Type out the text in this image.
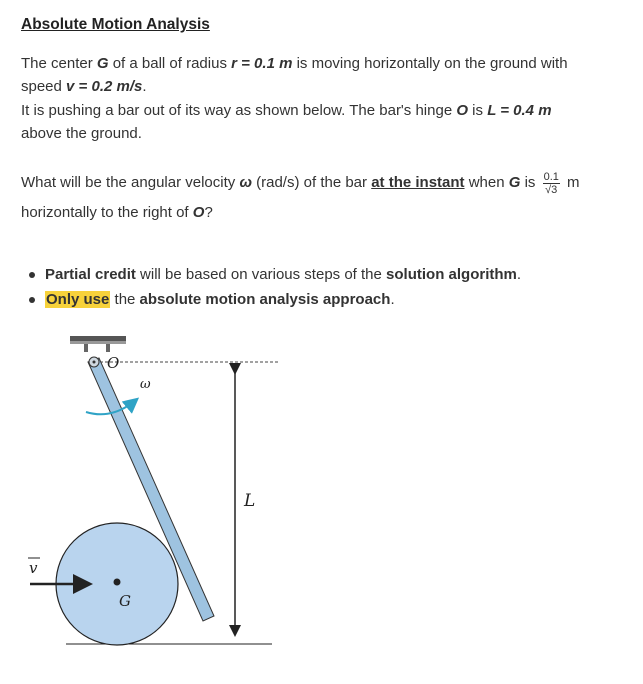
Absolute Motion Analysis
The center G of a ball of radius r = 0.1 m is moving horizontally on the ground with
speed v = 0.2 m/s.
It is pushing a bar out of its way as shown below. The bar's hinge O is L = 0.4 m
above the ground.
What will be the angular velocity ω (rad/s) of the bar at the instant when G is $\frac{0.1}{√3}$ m
horizontally to the right of O?
Partial credit will be based on various steps of the solution algorithm.
Only use the absolute motion analysis approach.
O
ω
L
G
v
